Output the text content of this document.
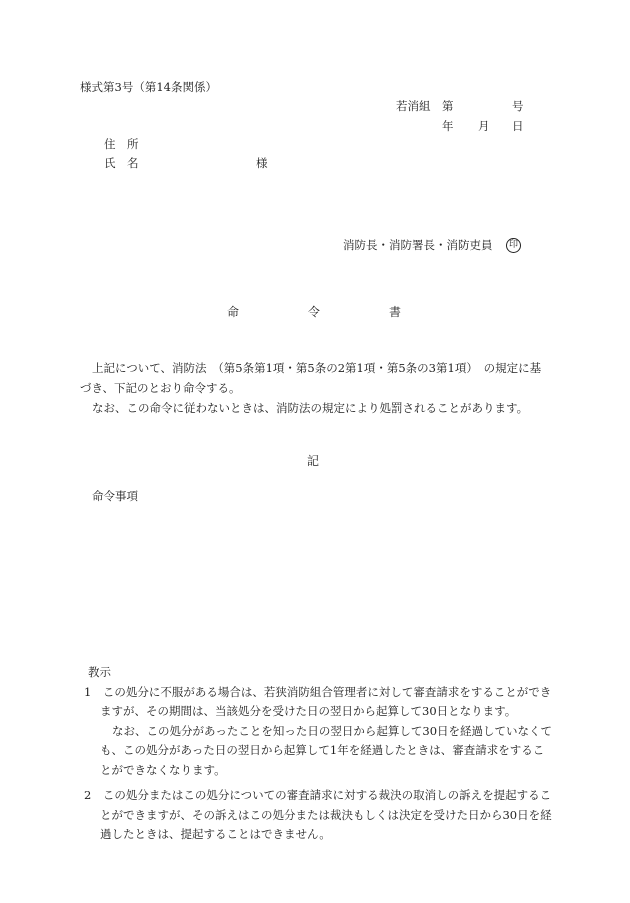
様式第3号（第14条関係）
若消組 第	号
年 月 日
住　所
氏　名	様
消防長・消防署長・消防吏員	印
命	令	書
上記について、消防法　（第5条第1項・第5条の2第1項・第5条の3第1項）　の規定に基づき、下記のとおり命令する。
なお、この命令に従わないときは、消防法の規定により処罰されることがあります。
記
命令事項
教示
1　この処分に不服がある場合は、若狭消防組合管理者に対して審査請求をすることができますが、その期間は、当該処分を受けた日の翌日から起算して30日となります。
なお、この処分があったことを知った日の翌日から起算して30日を経過していなくても、この処分があった日の翌日から起算して1年を経過したときは、審査請求をすることができなくなります。
2　この処分またはこの処分についての審査請求に対する裁決の取消しの訴えを提起することができますが、その訴えはこの処分または裁決もしくは決定を受けた日から30日を経過したときは、提起することはできません。
